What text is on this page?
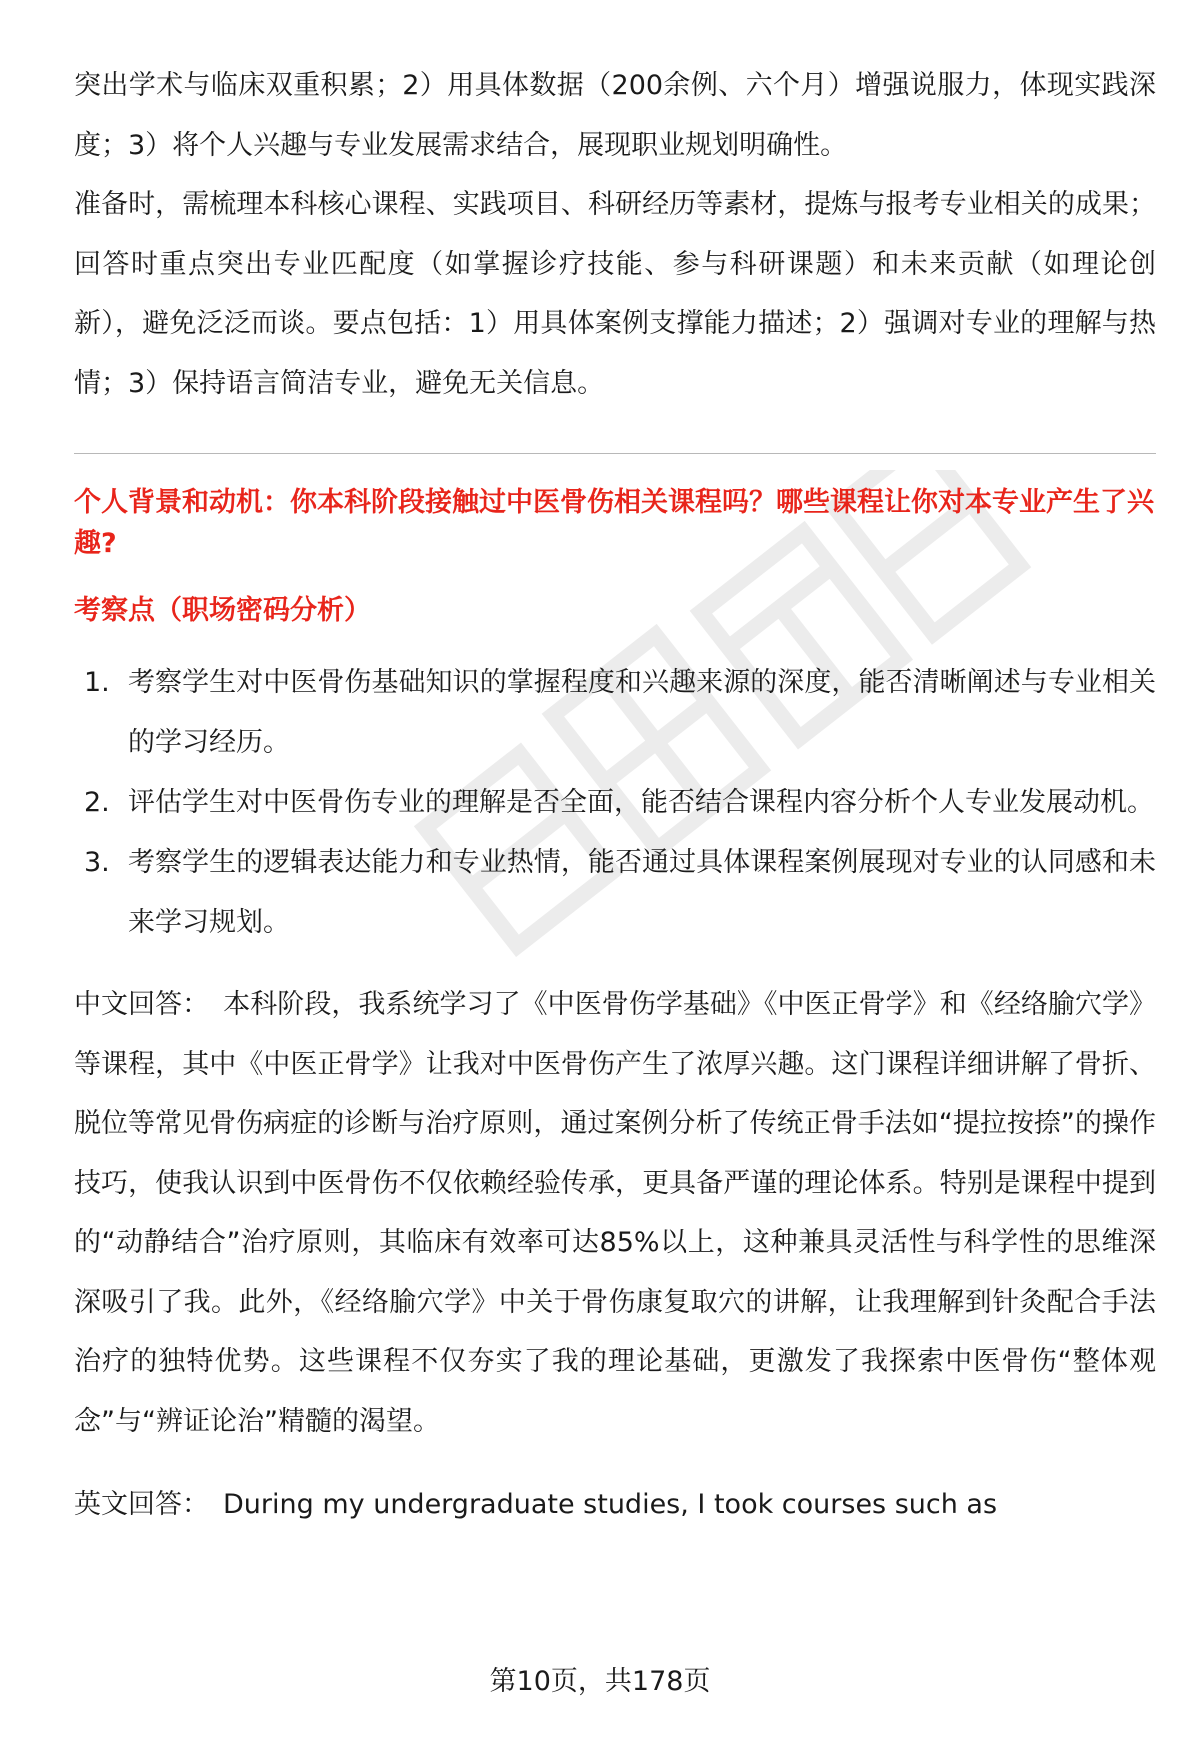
突出学术与临床双重积累；2）用具体数据（200余例、六个月）增强说服力，体现实践深度；3）将个人兴趣与专业发展需求结合，展现职业规划明确性。

准备时，需梳理本科核心课程、实践项目、科研经历等素材，提炼与报考专业相关的成果；回答时重点突出专业匹配度（如掌握诊疗技能、参与科研课题）和未来贡献（如理论创新），避免泛泛而谈。要点包括：1）用具体案例支撑能力描述；2）强调对专业的理解与热情；3）保持语言简洁专业，避免无关信息。

个人背景和动机：你本科阶段接触过中医骨伤相关课程吗？哪些课程让你对本专业产生了兴趣?

考察点（职场密码分析）

1. 考察学生对中医骨伤基础知识的掌握程度和兴趣来源的深度，能否清晰阐述与专业相关的学习经历。
2. 评估学生对中医骨伤专业的理解是否全面，能否结合课程内容分析个人专业发展动机。
3. 考察学生的逻辑表达能力和专业热情，能否通过具体课程案例展现对专业的认同感和未来学习规划。

中文回答： 本科阶段，我系统学习了《中医骨伤学基础》《中医正骨学》和《经络腧穴学》等课程，其中《中医正骨学》让我对中医骨伤产生了浓厚兴趣。这门课程详细讲解了骨折、脱位等常见骨伤病症的诊断与治疗原则，通过案例分析了传统正骨手法如“提拉按捺”的操作技巧，使我认识到中医骨伤不仅依赖经验传承，更具备严谨的理论体系。特别是课程中提到的“动静结合”治疗原则，其临床有效率可达85%以上，这种兼具灵活性与科学性的思维深深吸引了我。此外，《经络腧穴学》中关于骨伤康复取穴的讲解，让我理解到针灸配合手法治疗的独特优势。这些课程不仅夯实了我的理论基础，更激发了我探索中医骨伤“整体观念”与“辨证论治”精髓的渴望。

英文回答： During my undergraduate studies, I took courses such as

第10页，共178页
